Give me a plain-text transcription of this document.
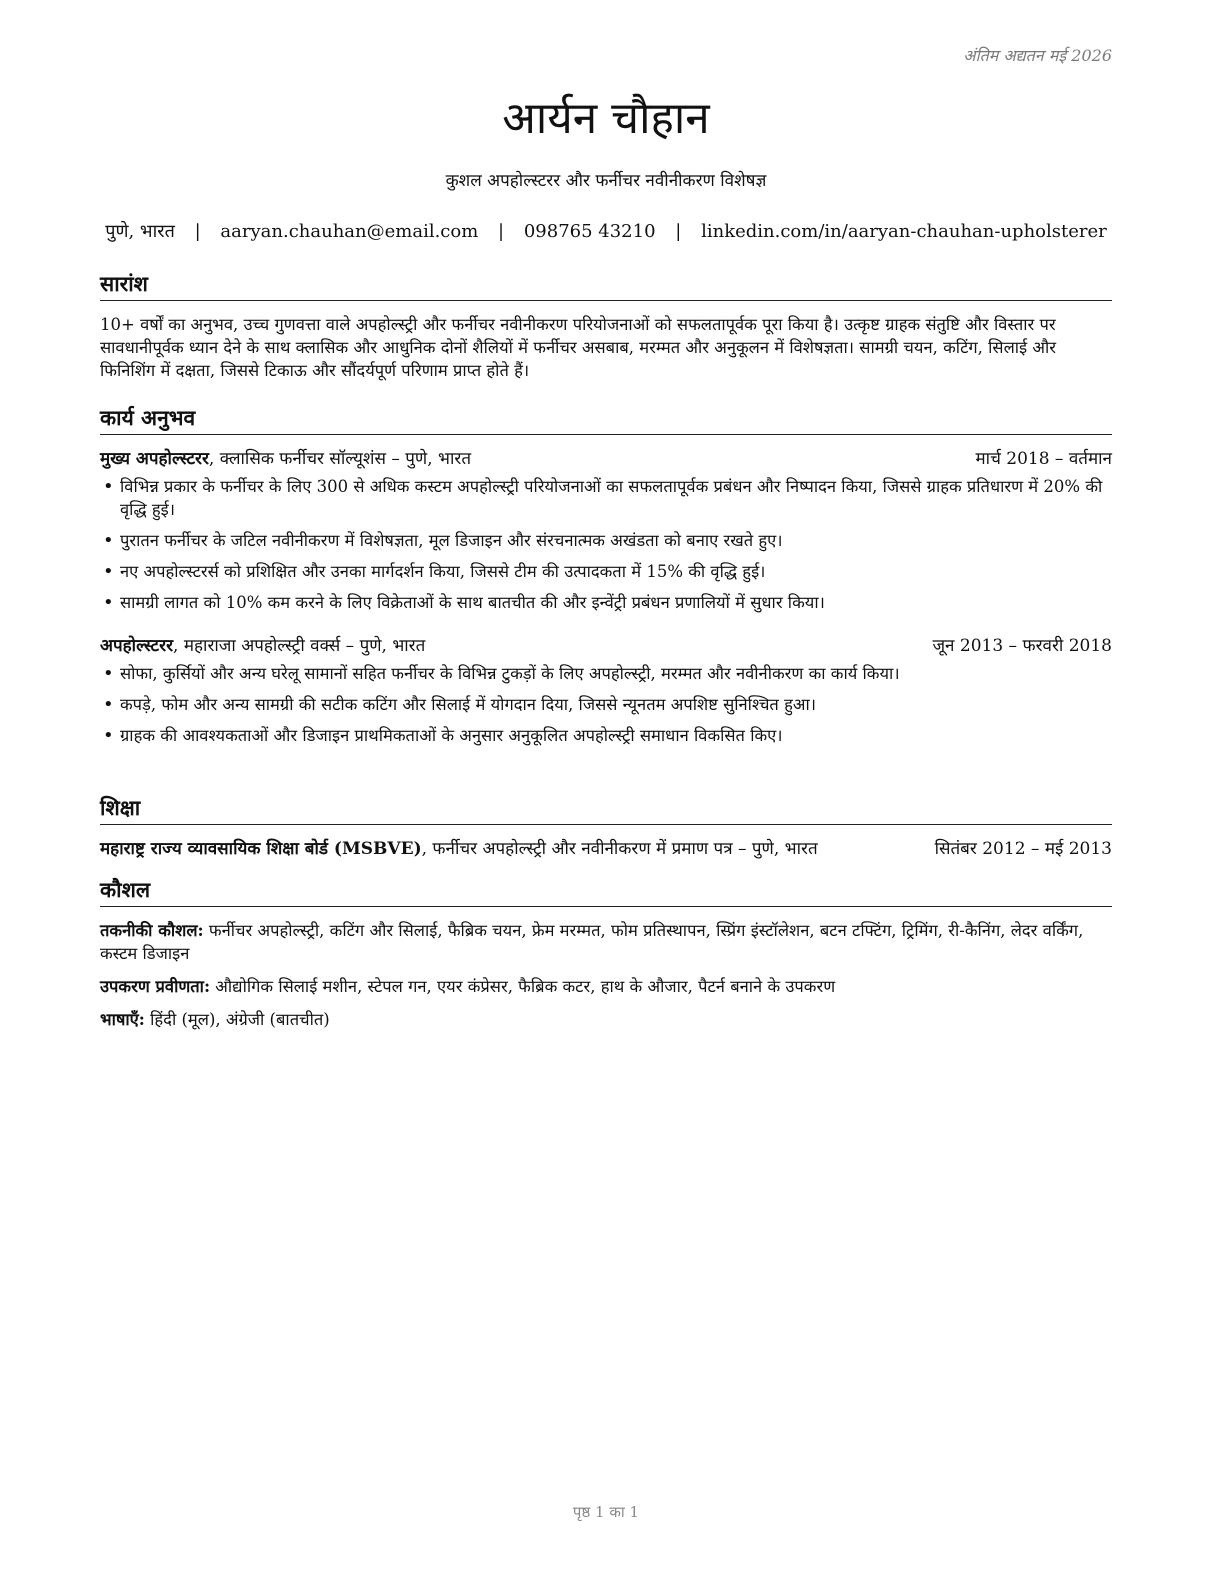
अंतिम अद्यतन मई 2026
आर्यन चौहान
कुशल अपहोल्स्टरर और फर्नीचर नवीनीकरण विशेषज्ञ
पुणे, भारत | aaryan.chauhan@email.com | 098765 43210 | linkedin.com/in/aaryan-chauhan-upholsterer
सारांश
10+ वर्षों का अनुभव, उच्च गुणवत्ता वाले अपहोल्स्ट्री और फर्नीचर नवीनीकरण परियोजनाओं को सफलतापूर्वक पूरा किया है। उत्कृष्ट ग्राहक संतुष्टि और विस्तार पर सावधानीपूर्वक ध्यान देने के साथ क्लासिक और आधुनिक दोनों शैलियों में फर्नीचर असबाब, मरम्मत और अनुकूलन में विशेषज्ञता। सामग्री चयन, कटिंग, सिलाई और फिनिशिंग में दक्षता, जिससे टिकाऊ और सौंदर्यपूर्ण परिणाम प्राप्त होते हैं।
कार्य अनुभव
मुख्य अपहोल्स्टरर, क्लासिक फर्नीचर सॉल्यूशंस – पुणे, भारत	मार्च 2018 – वर्तमान
• विभिन्न प्रकार के फर्नीचर के लिए 300 से अधिक कस्टम अपहोल्स्ट्री परियोजनाओं का सफलतापूर्वक प्रबंधन और निष्पादन किया, जिससे ग्राहक प्रतिधारण में 20% की वृद्धि हुई।
• पुरातन फर्नीचर के जटिल नवीनीकरण में विशेषज्ञता, मूल डिजाइन और संरचनात्मक अखंडता को बनाए रखते हुए।
• नए अपहोल्स्टरर्स को प्रशिक्षित और उनका मार्गदर्शन किया, जिससे टीम की उत्पादकता में 15% की वृद्धि हुई।
• सामग्री लागत को 10% कम करने के लिए विक्रेताओं के साथ बातचीत की और इन्वेंट्री प्रबंधन प्रणालियों में सुधार किया।
अपहोल्स्टरर, महाराजा अपहोल्स्ट्री वर्क्स – पुणे, भारत	जून 2013 – फरवरी 2018
• सोफा, कुर्सियों और अन्य घरेलू सामानों सहित फर्नीचर के विभिन्न टुकड़ों के लिए अपहोल्स्ट्री, मरम्मत और नवीनीकरण का कार्य किया।
• कपड़े, फोम और अन्य सामग्री की सटीक कटिंग और सिलाई में योगदान दिया, जिससे न्यूनतम अपशिष्ट सुनिश्चित हुआ।
• ग्राहक की आवश्यकताओं और डिजाइन प्राथमिकताओं के अनुसार अनुकूलित अपहोल्स्ट्री समाधान विकसित किए।
शिक्षा
महाराष्ट्र राज्य व्यावसायिक शिक्षा बोर्ड (MSBVE), फर्नीचर अपहोल्स्ट्री और नवीनीकरण में प्रमाण पत्र – पुणे, भारत	सितंबर 2012 – मई 2013
कौशल
तकनीकी कौशल: फर्नीचर अपहोल्स्ट्री, कटिंग और सिलाई, फैब्रिक चयन, फ्रेम मरम्मत, फोम प्रतिस्थापन, स्प्रिंग इंस्टॉलेशन, बटन टफ्टिंग, ट्रिमिंग, री-कैनिंग, लेदर वर्किंग, कस्टम डिजाइन
उपकरण प्रवीणता: औद्योगिक सिलाई मशीन, स्टेपल गन, एयर कंप्रेसर, फैब्रिक कटर, हाथ के औजार, पैटर्न बनाने के उपकरण
भाषाएँ: हिंदी (मूल), अंग्रेजी (बातचीत)
पृष्ठ 1 का 1
